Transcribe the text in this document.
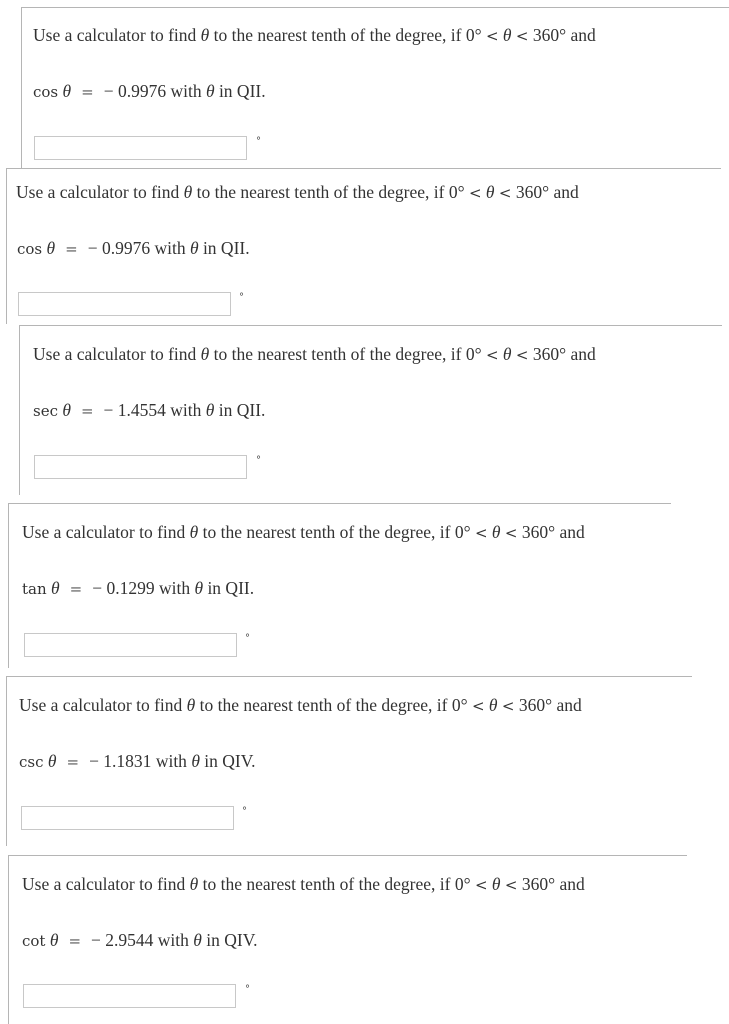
Use a calculator to find θ to the nearest tenth of the degree, if 0° < θ < 360° and
cos θ = − 0.9976 with θ in QII.
°
Use a calculator to find θ to the nearest tenth of the degree, if 0° < θ < 360° and
cos θ = − 0.9976 with θ in QII.
°
Use a calculator to find θ to the nearest tenth of the degree, if 0° < θ < 360° and
sec θ = − 1.4554 with θ in QII.
°
Use a calculator to find θ to the nearest tenth of the degree, if 0° < θ < 360° and
tan θ = − 0.1299 with θ in QII.
°
Use a calculator to find θ to the nearest tenth of the degree, if 0° < θ < 360° and
csc θ = − 1.1831 with θ in QIV.
°
Use a calculator to find θ to the nearest tenth of the degree, if 0° < θ < 360° and
cot θ = − 2.9544 with θ in QIV.
°
